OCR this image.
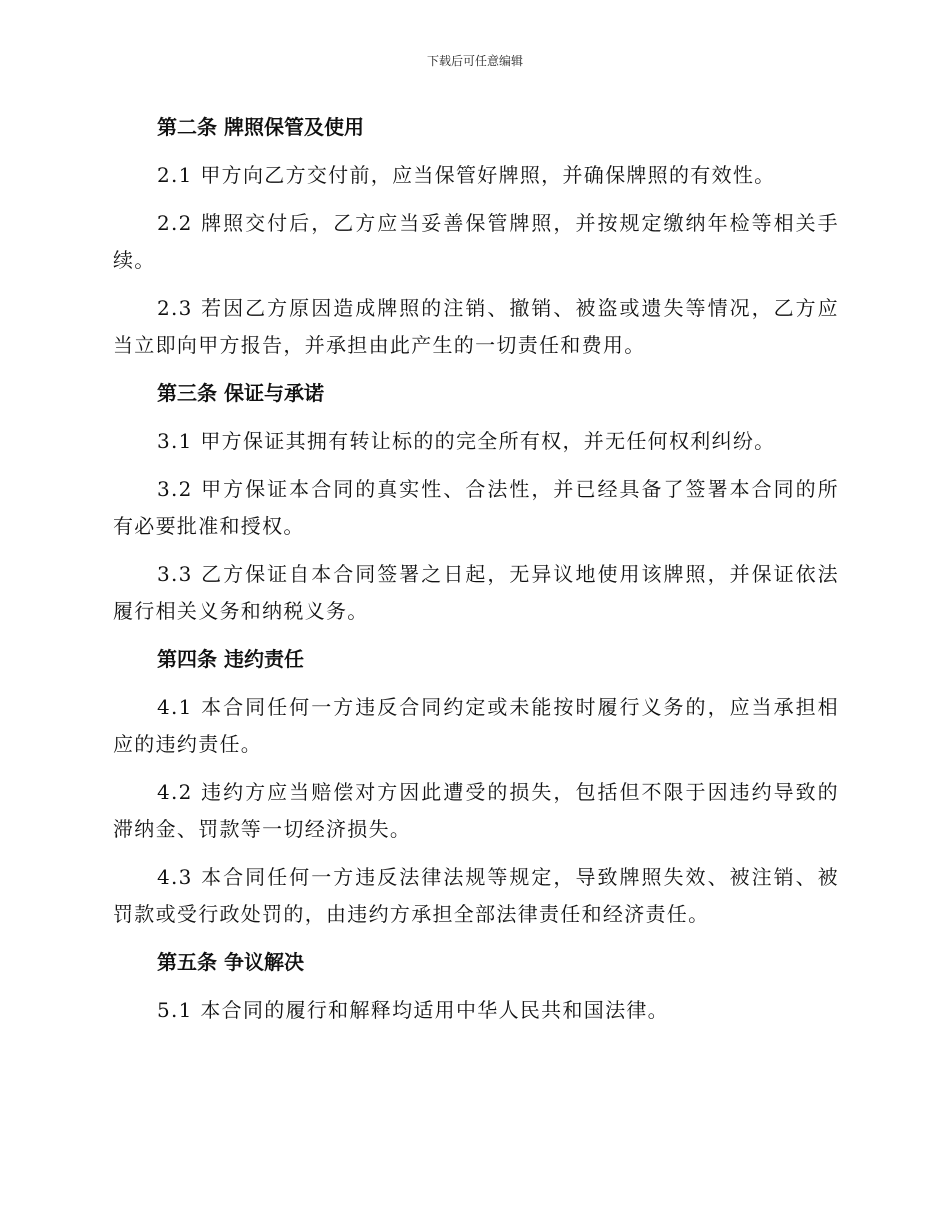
下载后可任意编辑
第二条 牌照保管及使用
2.1 甲方向乙方交付前，应当保管好牌照，并确保牌照的有效性。
2.2 牌照交付后，乙方应当妥善保管牌照，并按规定缴纳年检等相关手续。
2.3 若因乙方原因造成牌照的注销、撤销、被盗或遗失等情况，乙方应当立即向甲方报告，并承担由此产生的一切责任和费用。
第三条 保证与承诺
3.1 甲方保证其拥有转让标的的完全所有权，并无任何权利纠纷。
3.2 甲方保证本合同的真实性、合法性，并已经具备了签署本合同的所有必要批准和授权。
3.3 乙方保证自本合同签署之日起，无异议地使用该牌照，并保证依法履行相关义务和纳税义务。
第四条 违约责任
4.1 本合同任何一方违反合同约定或未能按时履行义务的，应当承担相应的违约责任。
4.2 违约方应当赔偿对方因此遭受的损失，包括但不限于因违约导致的滞纳金、罚款等一切经济损失。
4.3 本合同任何一方违反法律法规等规定，导致牌照失效、被注销、被罚款或受行政处罚的，由违约方承担全部法律责任和经济责任。
第五条 争议解决
5.1 本合同的履行和解释均适用中华人民共和国法律。
